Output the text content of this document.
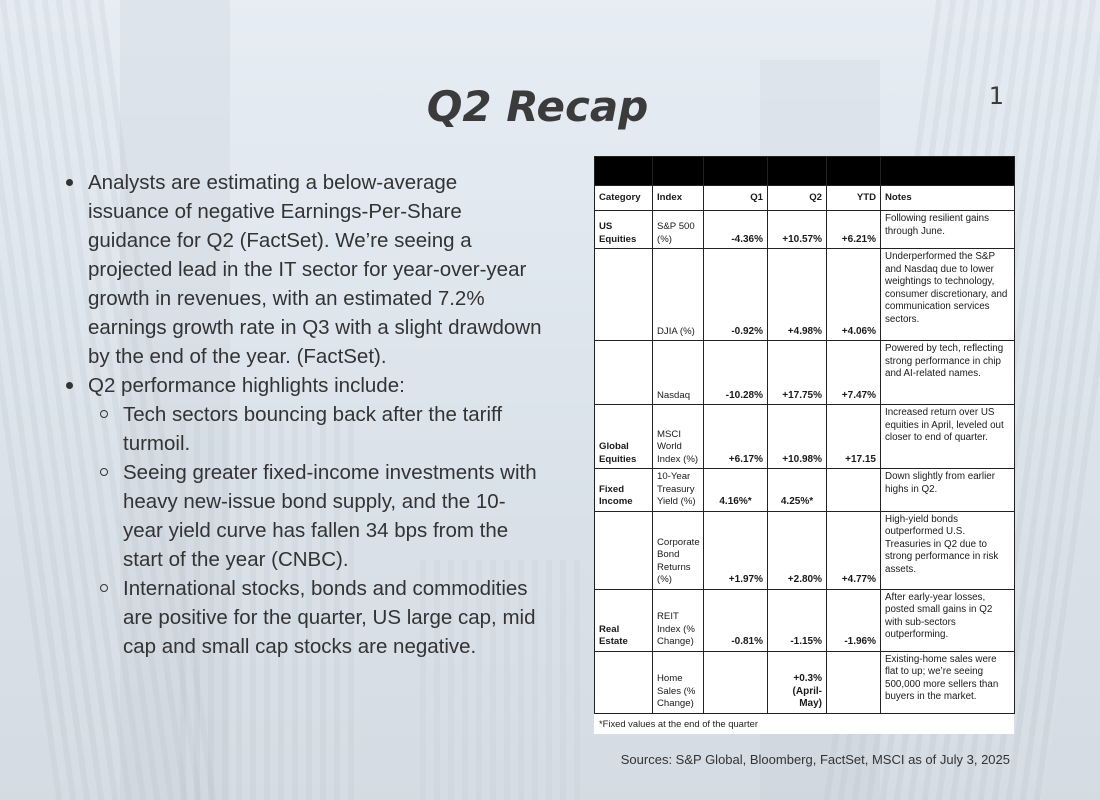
Q2 Recap	1
Analysts are estimating a below-average issuance of negative Earnings-Per-Share guidance for Q2 (FactSet). We’re seeing a projected lead in the IT sector for year-over-year growth in revenues, with an estimated 7.2% earnings growth rate in Q3 with a slight drawdown by the end of the year. (FactSet).
Q2 performance highlights include:
Tech sectors bouncing back after the tariff turmoil.
Seeing greater fixed-income investments with heavy new-issue bond supply, and the 10-year yield curve has fallen 34 bps from the start of the year (CNBC).
International stocks, bonds and commodities are positive for the quarter, US large cap, mid cap and small cap stocks are negative.

Category	Index	Q1	Q2	YTD	Notes
US Equities	S&P 500 (%)	-4.36%	+10.57%	+6.21%	Following resilient gains through June.
	DJIA (%)	-0.92%	+4.98%	+4.06%	Underperformed the S&P and Nasdaq due to lower weightings to technology, consumer discretionary, and communication services sectors.
	Nasdaq	-10.28%	+17.75%	+7.47%	Powered by tech, reflecting strong performance in chip and AI-related names.
Global Equities	MSCI World Index (%)	+6.17%	+10.98%	+17.15	Increased return over US equities in April, leveled out closer to end of quarter.
Fixed Income	10-Year Treasury Yield (%)	4.16%*	4.25%*		Down slightly from earlier highs in Q2.
	Corporate Bond Returns (%)	+1.97%	+2.80%	+4.77%	High-yield bonds outperformed U.S. Treasuries in Q2 due to strong performance in risk assets.
Real Estate	REIT Index (% Change)	-0.81%	-1.15%	-1.96%	After early-year losses, posted small gains in Q2 with sub-sectors outperforming.
	Home Sales (% Change)		+0.3% (April-May)		Existing-home sales were flat to up; we’re seeing 500,000 more sellers than buyers in the market.
*Fixed values at the end of the quarter
Sources: S&P Global, Bloomberg, FactSet, MSCI as of July 3, 2025
